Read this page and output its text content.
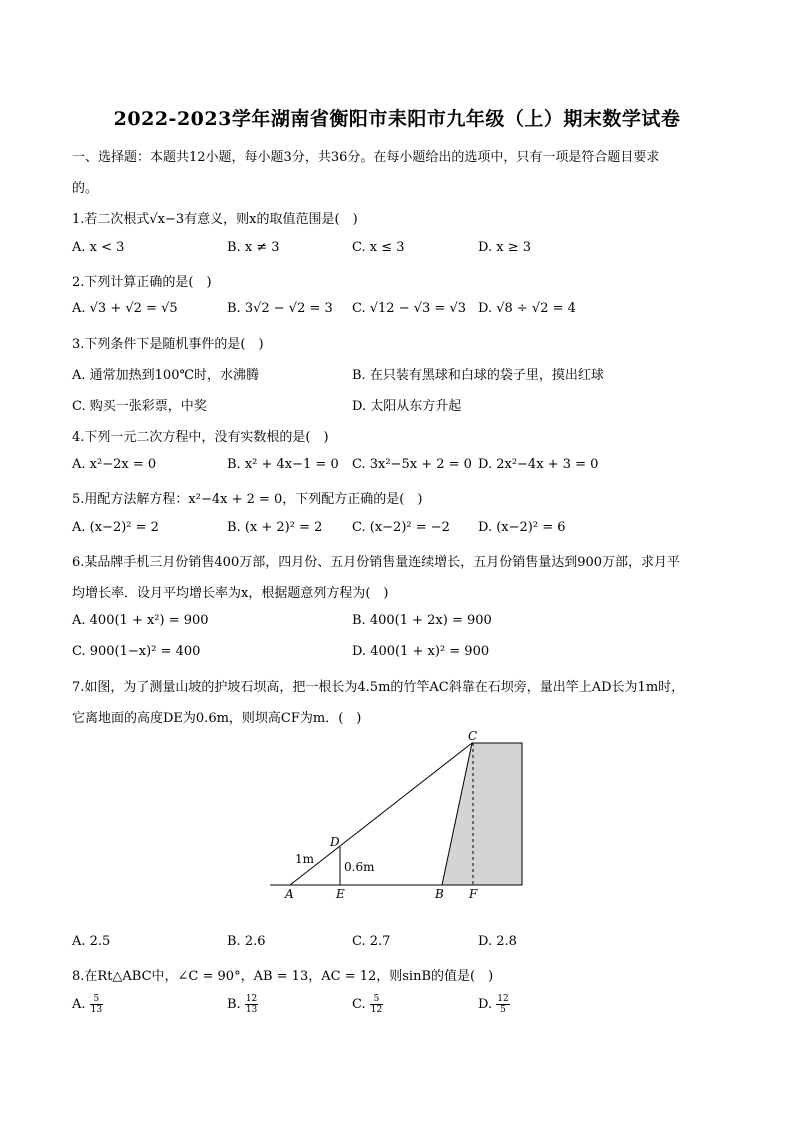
2022-2023学年湖南省衡阳市耒阳市九年级（上）期末数学试卷
一、选择题：本题共12小题，每小题3分，共36分。在每小题给出的选项中，只有一项是符合题目要求
的。
1.若二次根式√x−3有意义，则x的取值范围是(　)
A. x < 3	B. x ≠ 3	C. x ≤ 3	D. x ≥ 3
2.下列计算正确的是(　)
A. √3 + √2 = √5	B. 3√2 − √2 = 3 C. √12 − √3 = √3 D. √8 ÷ √2 = 4
3.下列条件下是随机事件的是(　)
A. 通常加热到100℃时，水沸腾	B. 在只装有黑球和白球的袋子里，摸出红球
C. 购买一张彩票，中奖	D. 太阳从东方升起
4.下列一元二次方程中，没有实数根的是(　)
A. x²−2x = 0	B. x² + 4x−1 = 0 C. 3x²−5x + 2 = 0 D. 2x²−4x + 3 = 0
5.用配方法解方程：x²−4x + 2 = 0，下列配方正确的是(　)
A. (x−2)² = 2	B. (x + 2)² = 2 C. (x−2)² = −2 D. (x−2)² = 6
6.某品牌手机三月份销售400万部，四月份、五月份销售量连续增长，五月份销售量达到900万部，求月平
均增长率．设月平均增长率为x，根据题意列方程为(　)
A. 400(1 + x²) = 900	B. 400(1 + 2x) = 900
C. 900(1−x)² = 400	D. 400(1 + x)² = 900
7.如图，为了测量山坡的护坡石坝高，把一根长为4.5m的竹竿AC斜靠在石坝旁，量出竿上AD长为1m时，
它离地面的高度DE为0.6m，则坝高CF为m．(　)
C
D
A	E	B F
1m
0.6m
A. 2.5	B. 2.6	C. 2.7	D. 2.8
8.在Rt△ABC中，∠C = 90°，AB = 13，AC = 12，则sinB的值是(　)
A. $\frac{5}{13}$	B. $\frac{12}{13}$	C. $\frac{5}{12}$	D. $\frac{12}{5}$
